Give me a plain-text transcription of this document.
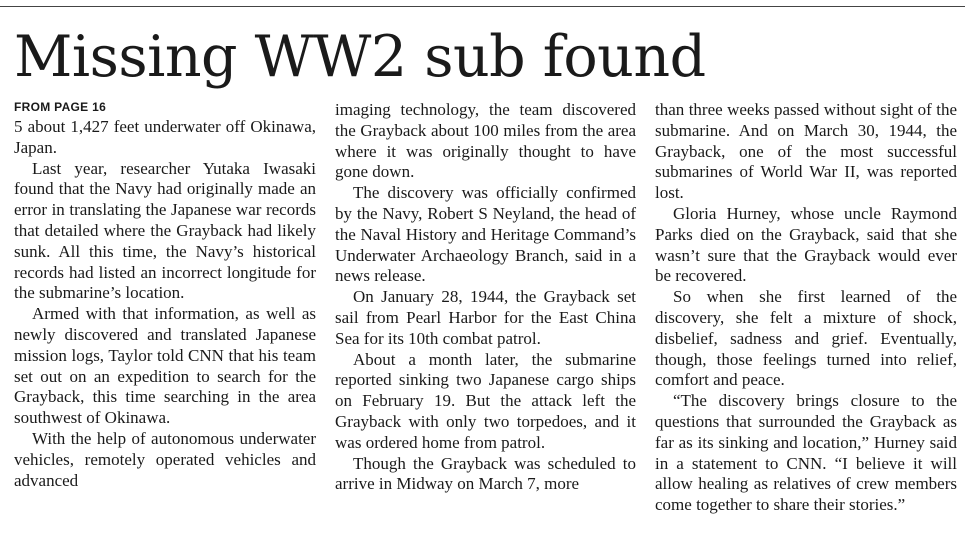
Missing WW2 sub found
FROM PAGE 16

5 about 1,427 feet underwater off Okinawa, Japan.

Last year, researcher Yutaka Iwasaki found that the Navy had originally made an error in translating the Japanese war records that detailed where the Grayback had likely sunk. All this time, the Navy’s historical records had listed an incorrect longitude for the submarine’s location.

Armed with that information, as well as newly discovered and translated Japanese mission logs, Taylor told CNN that his team set out on an expedition to search for the Grayback, this time searching in the area southwest of Okinawa.

With the help of autonomous underwater vehicles, remotely operated vehicles and advanced

imaging technology, the team discovered the Grayback about 100 miles from the area where it was originally thought to have gone down.

The discovery was officially confirmed by the Navy, Robert S Neyland, the head of the Naval History and Heritage Command’s Underwater Archaeology Branch, said in a news release.

On January 28, 1944, the Grayback set sail from Pearl Harbor for the East China Sea for its 10th combat patrol.

About a month later, the submarine reported sinking two Japanese cargo ships on February 19. But the attack left the Grayback with only two torpedoes, and it was ordered home from patrol.

Though the Grayback was scheduled to arrive in Midway on March 7, more

than three weeks passed without sight of the submarine. And on March 30, 1944, the Grayback, one of the most successful submarines of World War II, was reported lost.

Gloria Hurney, whose uncle Raymond Parks died on the Grayback, said that she wasn’t sure that the Grayback would ever be recovered.

So when she first learned of the discovery, she felt a mixture of shock, disbelief, sadness and grief. Eventually, though, those feelings turned into relief, comfort and peace.

“The discovery brings closure to the questions that surrounded the Grayback as far as its sinking and location,” Hurney said in a statement to CNN. “I believe it will allow healing as relatives of crew members come together to share their stories.”
